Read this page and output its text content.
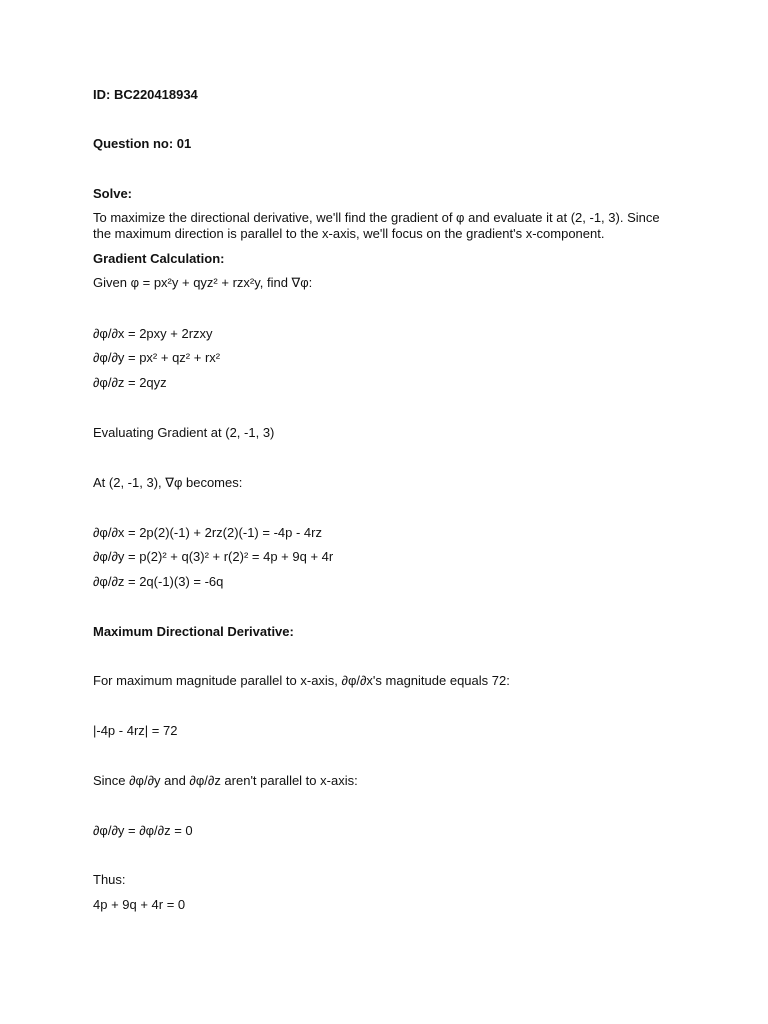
ID: BC220418934
Question no: 01
Solve:
To maximize the directional derivative, we'll find the gradient of φ and evaluate it at (2, -1, 3). Since the maximum direction is parallel to the x-axis, we'll focus on the gradient's x-component.
Gradient Calculation:
Given φ = px²y + qyz² + rzx²y, find ∇φ:
∂φ/∂x = 2pxy + 2rzxy
∂φ/∂y = px² + qz² + rx²
∂φ/∂z = 2qyz
Evaluating Gradient at (2, -1, 3)
At (2, -1, 3), ∇φ becomes:
∂φ/∂x = 2p(2)(-1) + 2rz(2)(-1) = -4p - 4rz
∂φ/∂y = p(2)² + q(3)² + r(2)² = 4p + 9q + 4r
∂φ/∂z = 2q(-1)(3) = -6q
Maximum Directional Derivative:
For maximum magnitude parallel to x-axis, ∂φ/∂x's magnitude equals 72:
|-4p - 4rz| = 72
Since ∂φ/∂y and ∂φ/∂z aren't parallel to x-axis:
∂φ/∂y = ∂φ/∂z = 0
Thus:
4p + 9q + 4r = 0
